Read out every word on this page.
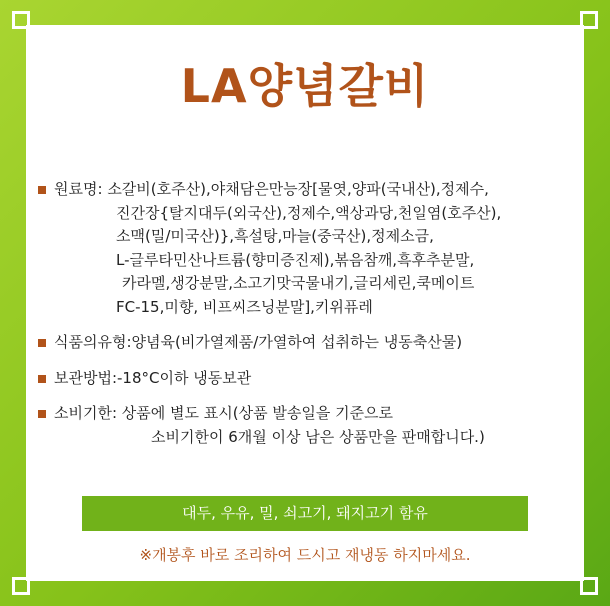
LA양념갈비
원료명: 소갈비(호주산),야채담은만능장[물엿,양파(국내산),정제수,
진간장{탈지대두(외국산),정제수,액상과당,천일염(호주산),
소맥(밀/미국산)},흑설탕,마늘(중국산),정제소금,
L-글루타민산나트륨(향미증진제),볶음참깨,흑후추분말,
카라멜,생강분말,소고기맛국물내기,글리세린,쿡메이트
FC-15,미향, 비프씨즈닝분말],키위퓨레
식품의유형:양념육(비가열제품/가열하여 섭취하는 냉동축산물)
보관방법:-18°C이하 냉동보관
소비기한: 상품에 별도 표시(상품 발송일을 기준으로
소비기한이 6개월 이상 남은 상품만을 판매합니다.)
대두, 우유, 밀, 쇠고기, 돼지고기 함유
※개봉후 바로 조리하여 드시고 재냉동 하지마세요.
